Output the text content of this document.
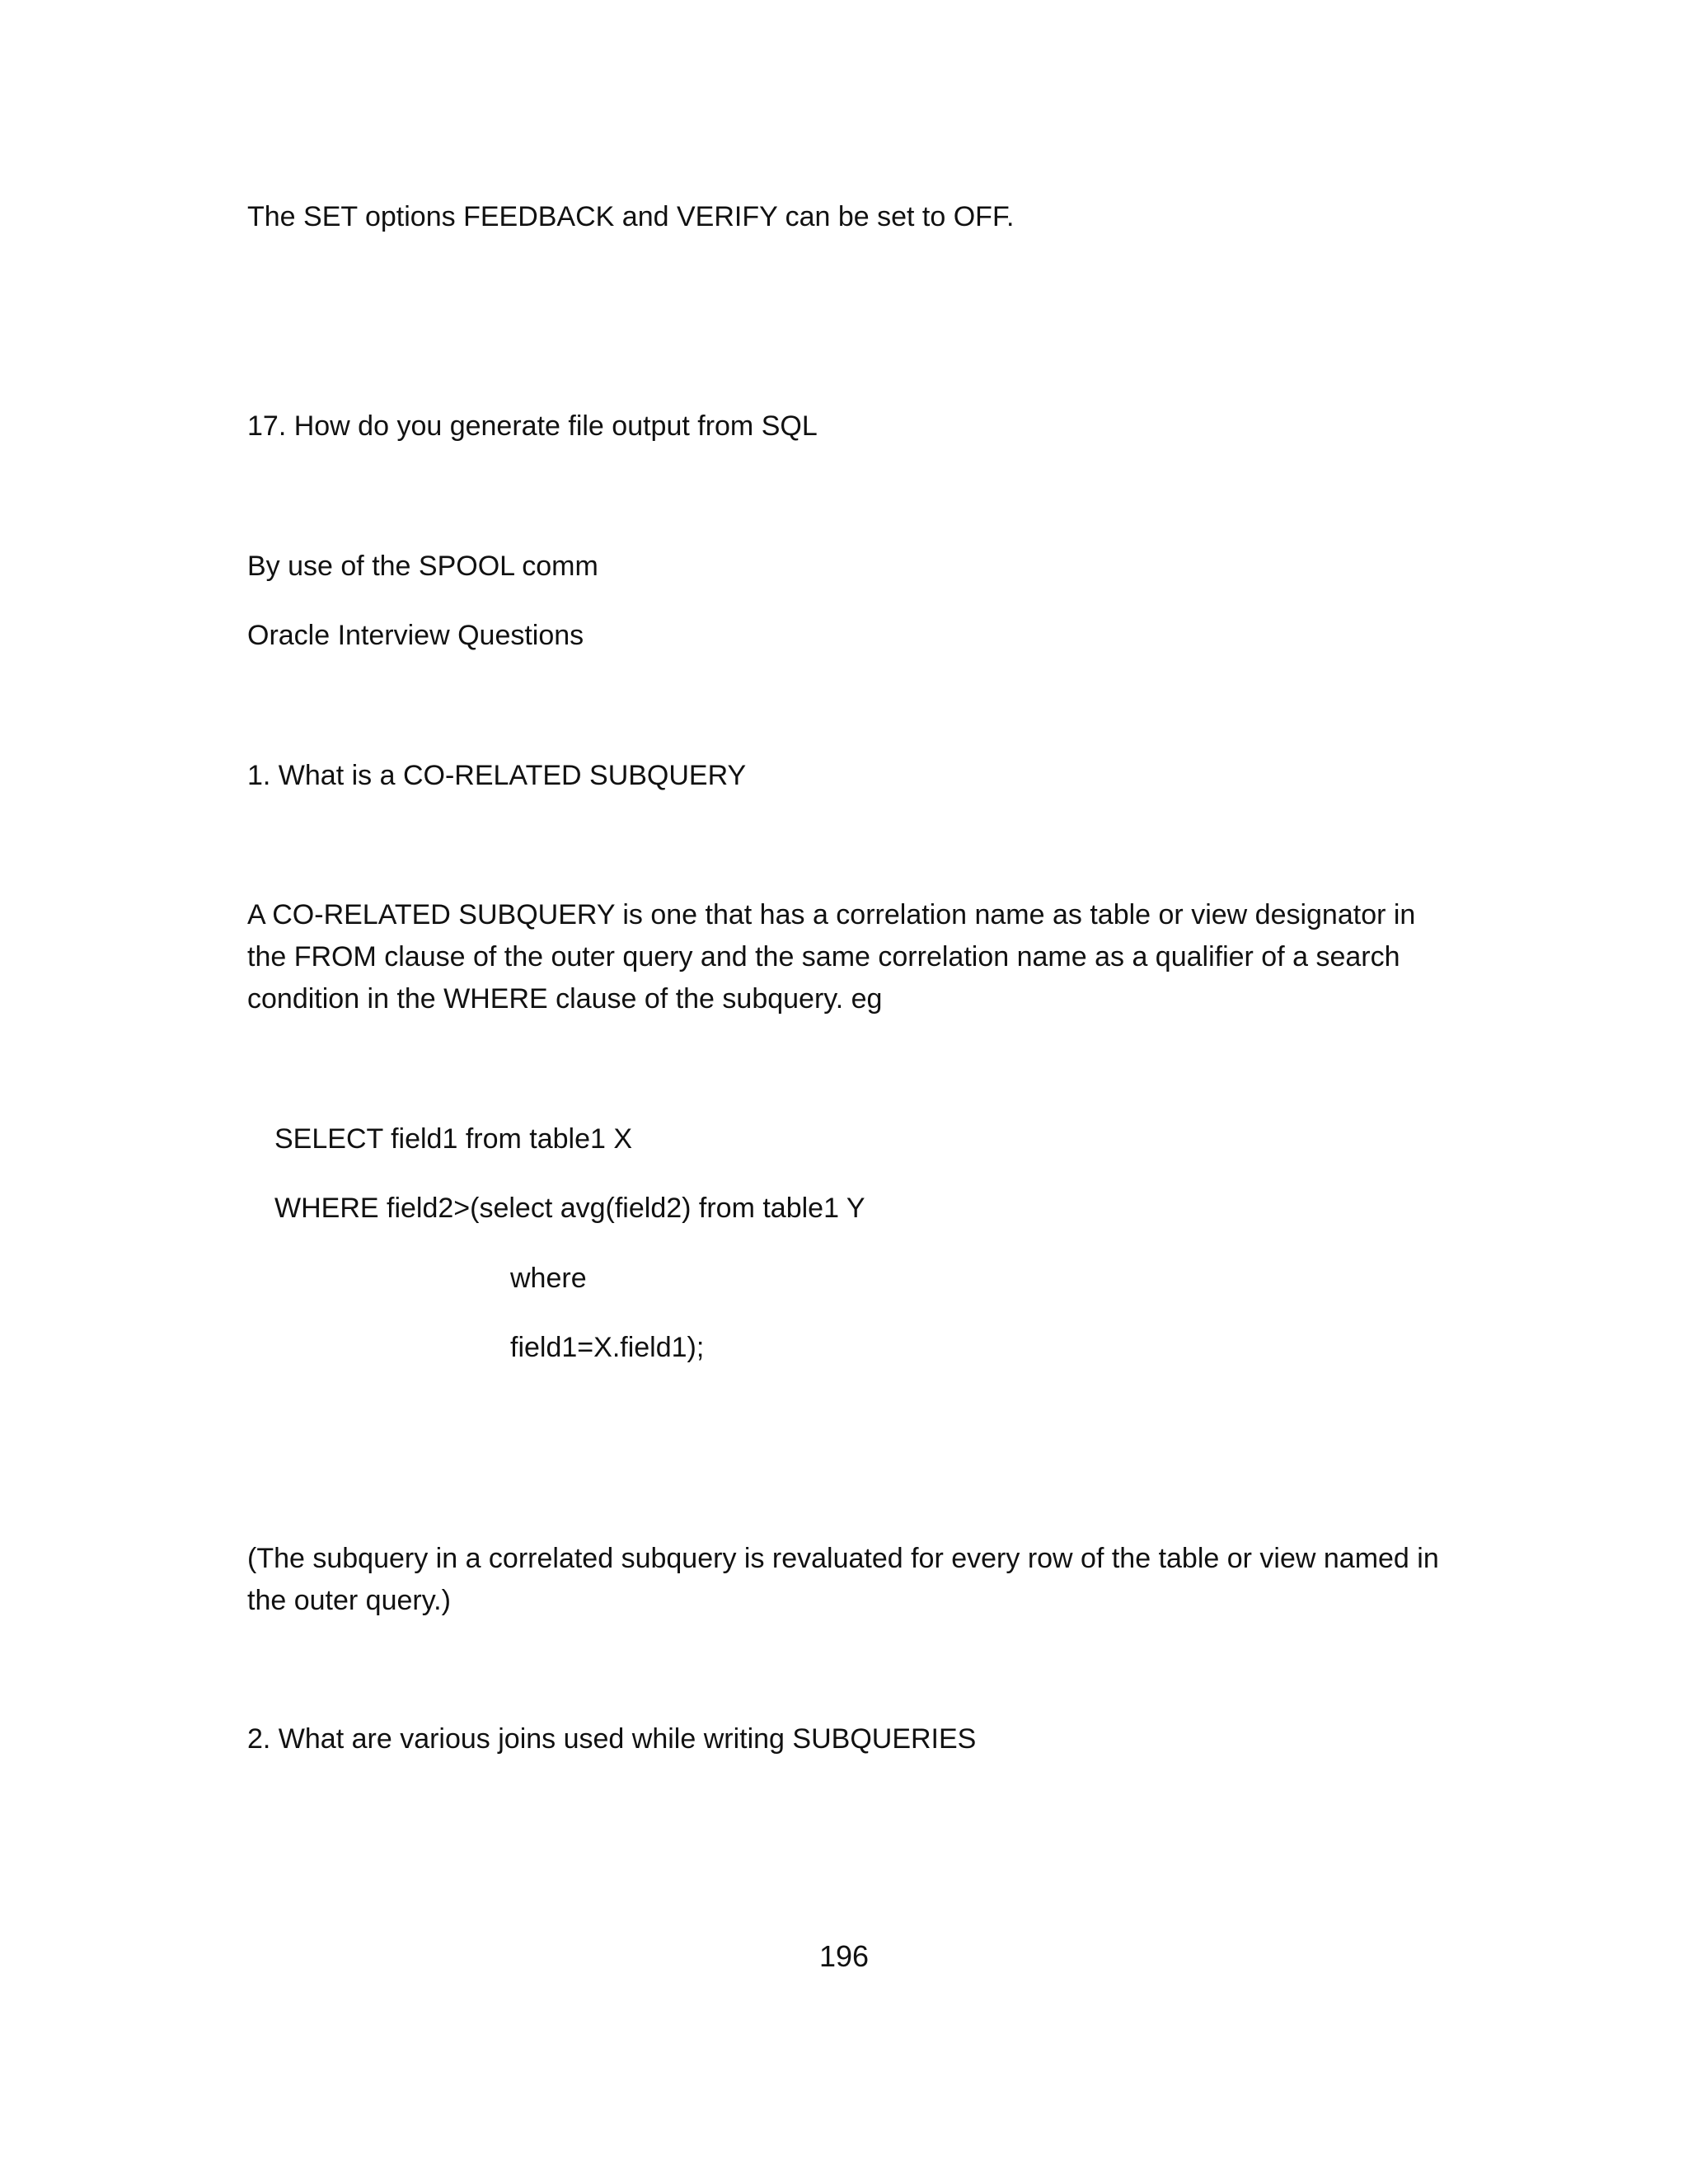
The SET options FEEDBACK and VERIFY can be set to OFF.
17. How do you generate file output from SQL
By use of the SPOOL comm
Oracle Interview Questions
1. What is a CO-RELATED SUBQUERY
A CO-RELATED SUBQUERY is one that has a correlation name as table or view designator in the FROM clause of the outer query and the same correlation name as a qualifier of a search condition in the WHERE clause of the subquery. eg
SELECT field1 from table1 X
WHERE field2>(select avg(field2) from table1 Y
where
field1=X.field1);
(The subquery in a correlated subquery is revaluated for every row of the table or view named in the outer query.)
2. What are various joins used while writing SUBQUERIES
196
